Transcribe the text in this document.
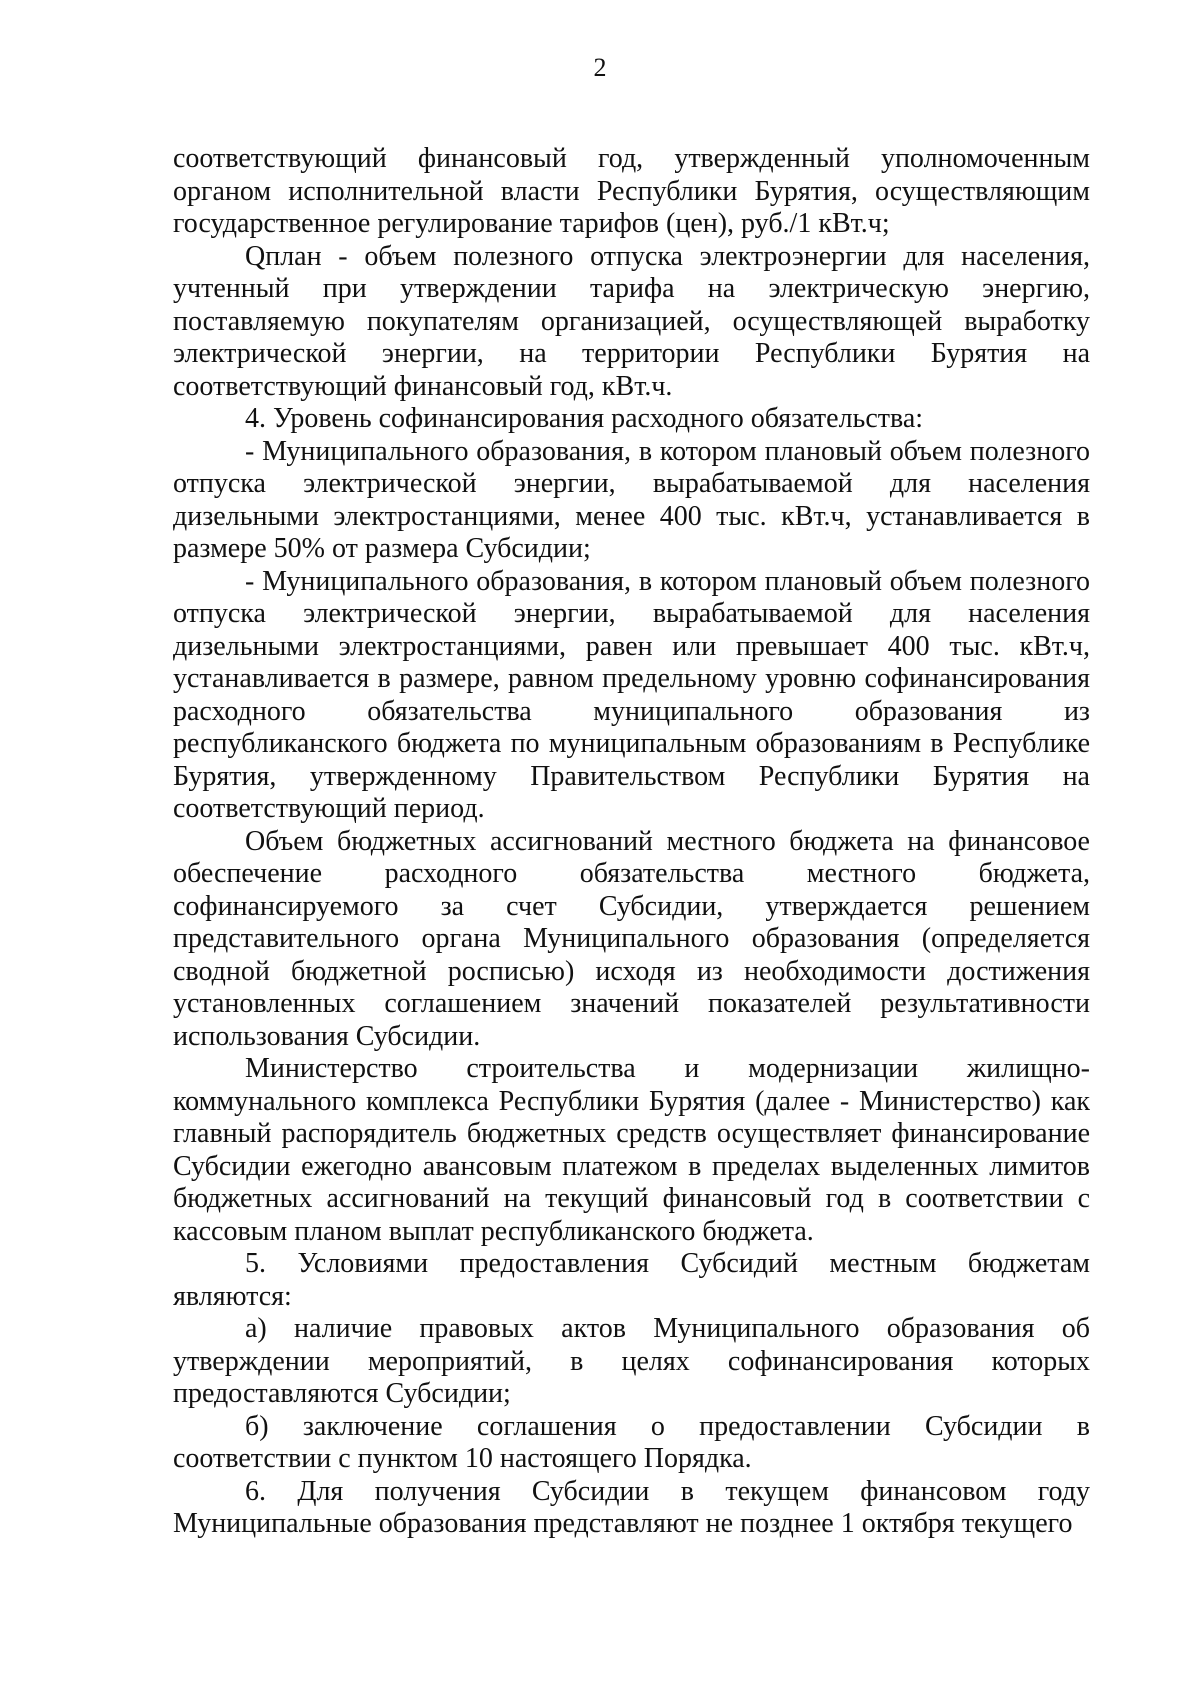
2

соответствующий финансовый год, утвержденный уполномоченным органом исполнительной власти Республики Бурятия, осуществляющим государственное регулирование тарифов (цен), руб./1 кВт.ч;

Qплан - объем полезного отпуска электроэнергии для населения, учтенный при утверждении тарифа на электрическую энергию, поставляемую покупателям организацией, осуществляющей выработку электрической энергии, на территории Республики Бурятия на соответствующий финансовый год, кВт.ч.

4. Уровень софинансирования расходного обязательства:

- Муниципального образования, в котором плановый объем полезного отпуска электрической энергии, вырабатываемой для населения дизельными электростанциями, менее 400 тыс. кВт.ч, устанавливается в размере 50% от размера Субсидии;

- Муниципального образования, в котором плановый объем полезного отпуска электрической энергии, вырабатываемой для населения дизельными электростанциями, равен или превышает 400 тыс. кВт.ч, устанавливается в размере, равном предельному уровню софинансирования расходного обязательства муниципального образования из республиканского бюджета по муниципальным образованиям в Республике Бурятия, утвержденному Правительством Республики Бурятия на соответствующий период.

Объем бюджетных ассигнований местного бюджета на финансовое обеспечение расходного обязательства местного бюджета, софинансируемого за счет Субсидии, утверждается решением представительного органа Муниципального образования (определяется сводной бюджетной росписью) исходя из необходимости достижения установленных соглашением значений показателей результативности использования Субсидии.

Министерство строительства и модернизации жилищно-коммунального комплекса Республики Бурятия (далее - Министерство) как главный распорядитель бюджетных средств осуществляет финансирование Субсидии ежегодно авансовым платежом в пределах выделенных лимитов бюджетных ассигнований на текущий финансовый год в соответствии с кассовым планом выплат республиканского бюджета.

5. Условиями предоставления Субсидий местным бюджетам являются:

а) наличие правовых актов Муниципального образования об утверждении мероприятий, в целях софинансирования которых предоставляются Субсидии;

б) заключение соглашения о предоставлении Субсидии в соответствии с пунктом 10 настоящего Порядка.

6. Для получения Субсидии в текущем финансовом году Муниципальные образования представляют не позднее 1 октября текущего
